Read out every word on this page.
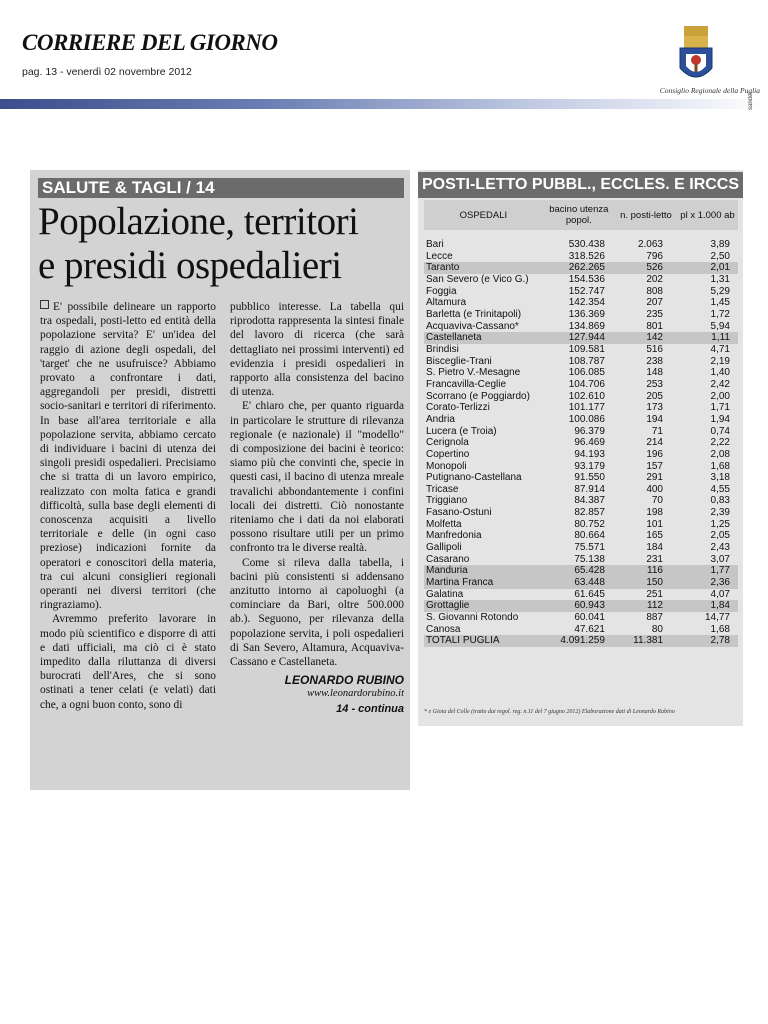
CORRIERE DEL GIORNO
pag. 13 - venerdì 02 novembre 2012
Consiglio Regionale della Puglia
sandei
SALUTE & TAGLI / 14
Popolazione, territori
e presidi ospedalieri

E' possibile delineare un rapporto tra ospedali, posti-letto ed entità della popolazione servita? E' un'idea del raggio di azione degli ospedali, del 'target' che ne usufruisce? Abbiamo provato a confrontare i dati, aggregandoli per presidi, distretti socio-sanitari e territori di riferimento. In base all'area territoriale e alla popolazione servita, abbiamo cercato di individuare i bacini di utenza dei singoli presidi ospedalieri. Precisiamo che si tratta di un lavoro empirico, realizzato con molta fatica e grandi difficoltà, sulla base degli elementi di conoscenza acquisiti a livello territoriale e delle (in ogni caso preziose) indicazioni fornite da operatori e conoscitori della materia, tra cui alcuni consiglieri regionali operanti nei diversi territori (che ringraziamo).

Avremmo preferito lavorare in modo più scientifico e disporre di atti e dati ufficiali, ma ciò ci è stato impedito dalla riluttanza di diversi burocrati dell'Ares, che si sono ostinati a tener celati (e velati) dati che, a ogni buon conto, sono di

pubblico interesse. La tabella qui riprodotta rappresenta la sintesi finale del lavoro di ricerca (che sarà dettagliato nei prossimi interventi) ed evidenzia i presidi ospedalieri in rapporto alla consistenza del bacino di utenza.

E' chiaro che, per quanto riguarda in particolare le strutture di rilevanza regionale (e nazionale) il "modello" di composizione dei bacini è teorico: siamo più che convinti che, specie in questi casi, il bacino di utenza mreale travalichi abbondantemente i confini locali dei distretti. Ciò nonostante riteniamo che i dati da noi elaborati possono risultare utili per un primo confronto tra le diverse realtà.

Come si rileva dalla tabella, i bacini più consistenti si addensano anzitutto intorno ai capoluoghi (a cominciare da Bari, oltre 500.000 ab.). Seguono, per rilevanza della popolazione servita, i poli ospedalieri di San Severo, Altamura, Acquaviva-Cassano e Castellaneta.

LEONARDO RUBINO

www.leonardorubino.it

14 - continua

POSTI-LETTO PUBBL., ECCLES. E IRCCS
OSPEDALI	bacino utenza popol.	n. posti-letto	pl x 1.000 ab

Bari	530.438	2.063	3,89
Lecce	318.526	796	2,50
Taranto	262.265	526	2,01
San Severo (e Vico G.)	154.536	202	1,31
Foggia	152.747	808	5,29
Altamura	142.354	207	1,45
Barletta (e Trinitapoli)	136.369	235	1,72
Acquaviva-Cassano*	134.869	801	5,94
Castellaneta	127.944	142	1,11
Brindisi	109.581	516	4,71
Bisceglie-Trani	108.787	238	2,19
S. Pietro V.-Mesagne	106.085	148	1,40
Francavilla-Ceglie	104.706	253	2,42
Scorrano (e Poggiardo)	102.610	205	2,00
Corato-Terlizzi	101.177	173	1,71
Andria	100.086	194	1,94
Lucera (e Troia)	96.379	71	0,74
Cerignola	96.469	214	2,22
Copertino	94.193	196	2,08
Monopoli	93.179	157	1,68
Putignano-Castellana	91.550	291	3,18
Tricase	87.914	400	4,55
Triggiano	84.387	70	0,83
Fasano-Ostuni	82.857	198	2,39
Molfetta	80.752	101	1,25
Manfredonia	80.664	165	2,05
Gallipoli	75.571	184	2,43
Casarano	75.138	231	3,07
Manduria	65.428	116	1,77
Martina Franca	63.448	150	2,36
Galatina	61.645	251	4,07
Grottaglie	60.943	112	1,84
S. Giovanni Rotondo	60.041	887	14,77
Canosa	47.621	80	1,68
TOTALI PUGLIA	4.091.259	11.381	2,78
* e Gioia del Colle (tratto dai regol. reg. n.11 del 7 giugno 2012) Elaborazione dati di Leonardo Rubino
